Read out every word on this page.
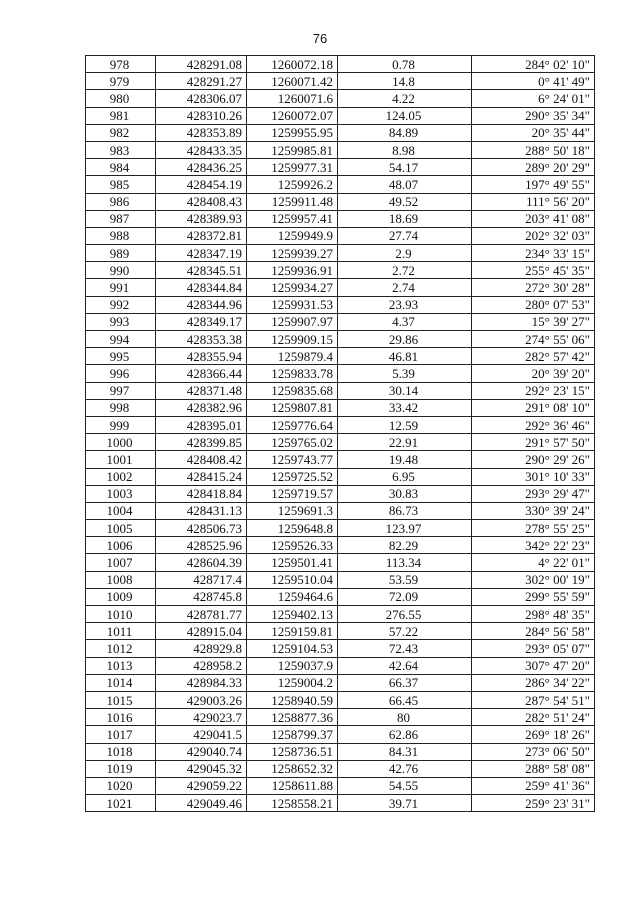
76
978	428291.08	1260072.18	0.78	284° 02' 10"
979	428291.27	1260071.42	14.8	0° 41' 49"
980	428306.07	1260071.6	4.22	6° 24' 01"
981	428310.26	1260072.07	124.05	290° 35' 34"
982	428353.89	1259955.95	84.89	20° 35' 44"
983	428433.35	1259985.81	8.98	288° 50' 18"
984	428436.25	1259977.31	54.17	289° 20' 29"
985	428454.19	1259926.2	48.07	197° 49' 55"
986	428408.43	1259911.48	49.52	111° 56' 20"
987	428389.93	1259957.41	18.69	203° 41' 08"
988	428372.81	1259949.9	27.74	202° 32' 03"
989	428347.19	1259939.27	2.9	234° 33' 15"
990	428345.51	1259936.91	2.72	255° 45' 35"
991	428344.84	1259934.27	2.74	272° 30' 28"
992	428344.96	1259931.53	23.93	280° 07' 53"
993	428349.17	1259907.97	4.37	15° 39' 27"
994	428353.38	1259909.15	29.86	274° 55' 06"
995	428355.94	1259879.4	46.81	282° 57' 42"
996	428366.44	1259833.78	5.39	20° 39' 20"
997	428371.48	1259835.68	30.14	292° 23' 15"
998	428382.96	1259807.81	33.42	291° 08' 10"
999	428395.01	1259776.64	12.59	292° 36' 46"
1000	428399.85	1259765.02	22.91	291° 57' 50"
1001	428408.42	1259743.77	19.48	290° 29' 26"
1002	428415.24	1259725.52	6.95	301° 10' 33"
1003	428418.84	1259719.57	30.83	293° 29' 47"
1004	428431.13	1259691.3	86.73	330° 39' 24"
1005	428506.73	1259648.8	123.97	278° 55' 25"
1006	428525.96	1259526.33	82.29	342° 22' 23"
1007	428604.39	1259501.41	113.34	4° 22' 01"
1008	428717.4	1259510.04	53.59	302° 00' 19"
1009	428745.8	1259464.6	72.09	299° 55' 59"
1010	428781.77	1259402.13	276.55	298° 48' 35"
1011	428915.04	1259159.81	57.22	284° 56' 58"
1012	428929.8	1259104.53	72.43	293° 05' 07"
1013	428958.2	1259037.9	42.64	307° 47' 20"
1014	428984.33	1259004.2	66.37	286° 34' 22"
1015	429003.26	1258940.59	66.45	287° 54' 51"
1016	429023.7	1258877.36	80	282° 51' 24"
1017	429041.5	1258799.37	62.86	269° 18' 26"
1018	429040.74	1258736.51	84.31	273° 06' 50"
1019	429045.32	1258652.32	42.76	288° 58' 08"
1020	429059.22	1258611.88	54.55	259° 41' 36"
1021	429049.46	1258558.21	39.71	259° 23' 31"
